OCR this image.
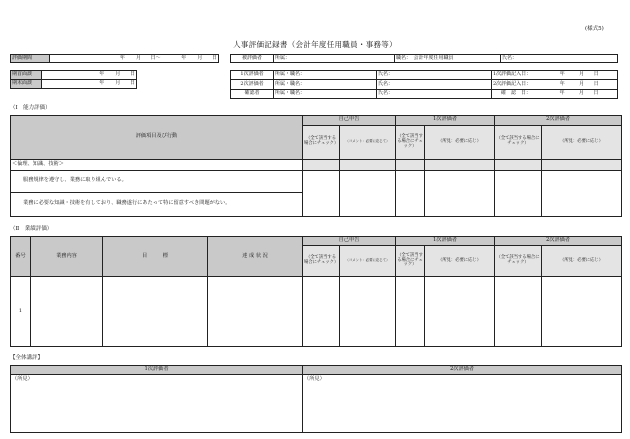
(様式5)
人事評価記録書（会計年度任用職員・事務等）
評価期間	年 月 日～	年 月 日	被評価者	所属：	職名：　会計年度任用職員	氏名：
期首面談	年 月 日
期末面談	年 月 日
1次評価者	所属・職名：	氏名：	1次評価記入日： 年 月 日
2次評価者	所属・職名：	氏名：	2次評価記入日： 年 月 日
確認者	所属・職名：	氏名：	確　認　日： 年 月 日
（Ⅰ　能力評価）
評価項目及び行動	自己申告		1次評価者		2次評価者	
	（全て該当する場合にチェック）	（コメント：必要に応じて）	（全て該当する場合にチェック）	（所見：必要に応じ）	（全て該当する場合にチェック）	（所見：必要に応じ）
＜倫理、知識、技術＞						
服務規律を遵守し、業務に取り組んでいる。						
業務に必要な知識・技術を有しており、職務遂行にあたって特に留意すべき問題がない。						
（Ⅱ　業績評価）
番号	業務内容	目　　　標	達 成 状 況	自己申告		1次評価者		2次評価者	
				（全て該当する場合にチェック）	（コメント：必要に応じて）	（全て該当する場合にチェック）	（所見：必要に応じ）	（全て該当する場合にチェック）	（所見：必要に応じ）
1									
【全体講評】
1次評価者	2次評価者
（所見）	（所見）
